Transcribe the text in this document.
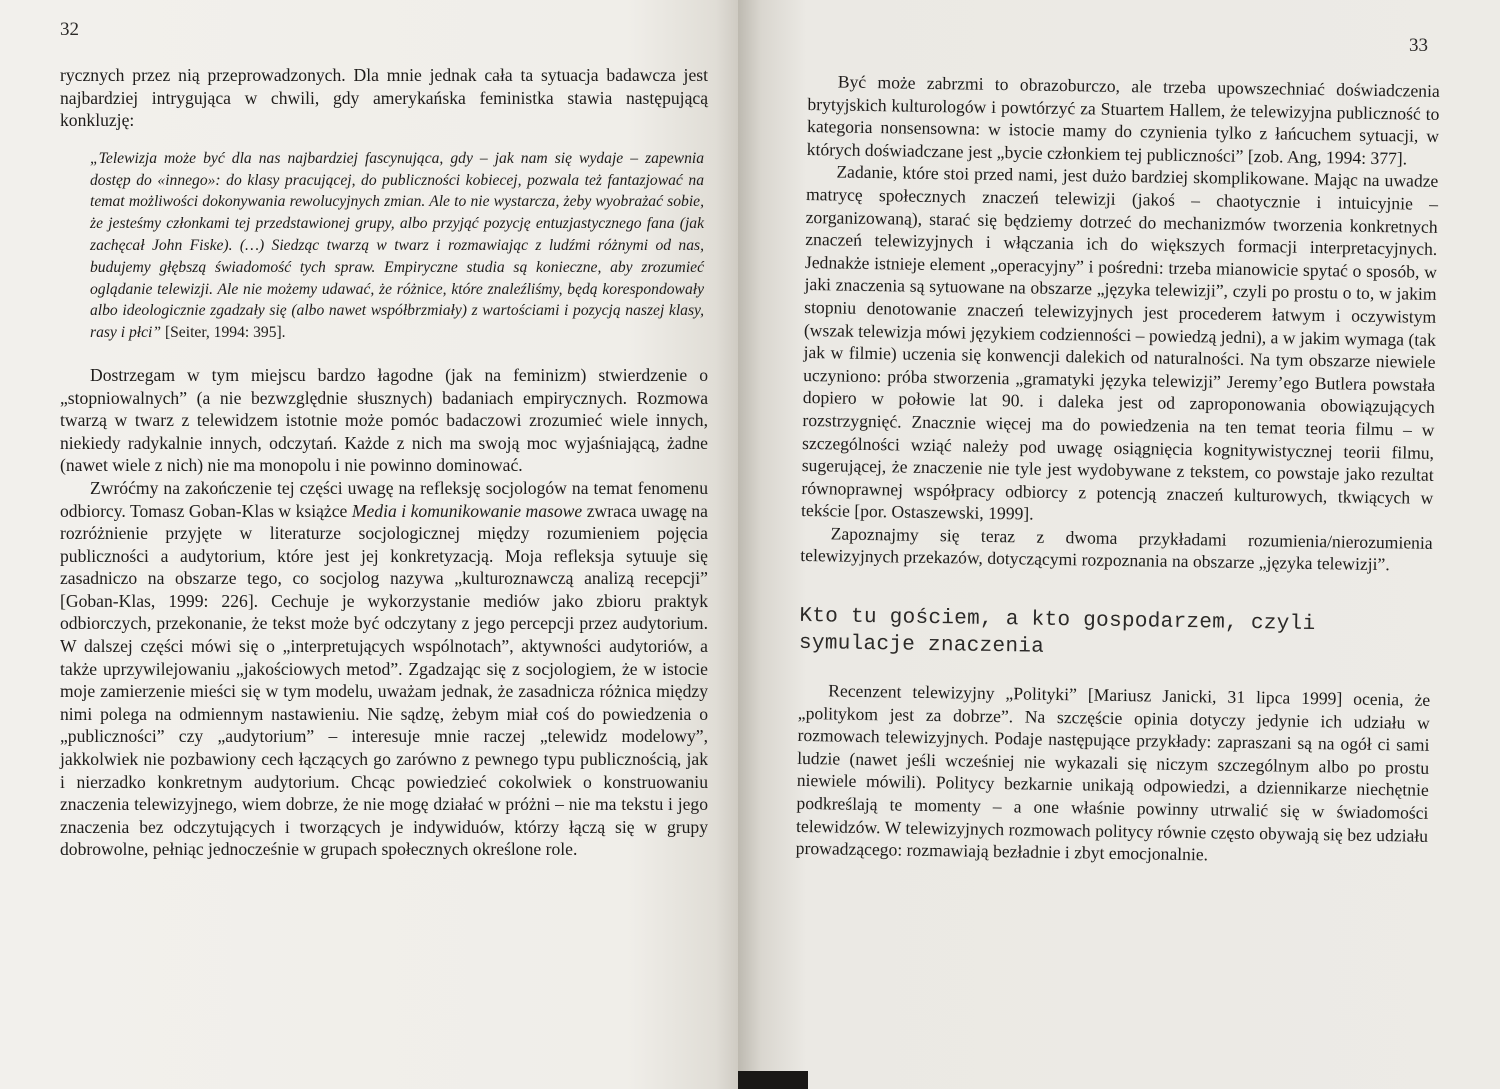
32

rycznych przez nią przeprowadzonych. Dla mnie jednak cała ta sytuacja badawcza jest najbardziej intrygująca w chwili, gdy amerykańska feministka stawia następującą konkluzję:

„Telewizja może być dla nas najbardziej fascynująca, gdy – jak nam się wydaje – zapewnia dostęp do «innego»: do klasy pracującej, do publiczności kobiecej, pozwala też fantazjować na temat możliwości dokonywania rewolucyjnych zmian. Ale to nie wystarcza, żeby wyobrażać sobie, że jesteśmy członkami tej przedstawionej grupy, albo przyjąć pozycję entuzjastycznego fana (jak zachęcał John Fiske). (…) Siedząc twarzą w twarz i rozmawiając z ludźmi różnymi od nas, budujemy głębszą świadomość tych spraw. Empiryczne studia są konieczne, aby zrozumieć oglądanie telewizji. Ale nie możemy udawać, że różnice, które znaleźliśmy, będą korespondowały albo ideologicznie zgadzały się (albo nawet współbrzmiały) z wartościami i pozycją naszej klasy, rasy i płci” [Seiter, 1994: 395].

Dostrzegam w tym miejscu bardzo łagodne (jak na feminizm) stwierdzenie o „stopniowalnych” (a nie bezwzględnie słusznych) badaniach empirycznych. Rozmowa twarzą w twarz z telewidzem istotnie może pomóc badaczowi zrozumieć wiele innych, niekiedy radykalnie innych, odczytań. Każde z nich ma swoją moc wyjaśniającą, żadne (nawet wiele z nich) nie ma monopolu i nie powinno dominować.

Zwróćmy na zakończenie tej części uwagę na refleksję socjologów na temat fenomenu odbiorcy. Tomasz Goban-Klas w książce Media i komunikowanie masowe zwraca uwagę na rozróżnienie przyjęte w literaturze socjologicznej między rozumieniem pojęcia publiczności a audytorium, które jest jej konkretyzacją. Moja refleksja sytuuje się zasadniczo na obszarze tego, co socjolog nazywa „kulturoznawczą analizą recepcji” [Goban-Klas, 1999: 226]. Cechuje je wykorzystanie mediów jako zbioru praktyk odbiorczych, przekonanie, że tekst może być odczytany z jego percepcji przez audytorium. W dalszej części mówi się o „interpretujących wspólnotach”, aktywności audytoriów, a także uprzywilejowaniu „jakościowych metod”. Zgadzając się z socjologiem, że w istocie moje zamierzenie mieści się w tym modelu, uważam jednak, że zasadnicza różnica między nimi polega na odmiennym nastawieniu. Nie sądzę, żebym miał coś do powiedzenia o „publiczności” czy „audytorium” – interesuje mnie raczej „telewidz modelowy”, jakkolwiek nie pozbawiony cech łączących go zarówno z pewnego typu publicznością, jak i nierzadko konkretnym audytorium. Chcąc powiedzieć cokolwiek o konstruowaniu znaczenia telewizyjnego, wiem dobrze, że nie mogę działać w próżni – nie ma tekstu i jego znaczenia bez odczytujących i tworzących je indywiduów, którzy łączą się w grupy dobrowolne, pełniąc jednocześnie w grupach społecznych określone role.

33

Być może zabrzmi to obrazoburczo, ale trzeba upowszechniać doświadczenia brytyjskich kulturologów i powtórzyć za Stuartem Hallem, że telewizyjna publiczność to kategoria nonsensowna: w istocie mamy do czynienia tylko z łańcuchem sytuacji, w których doświadczane jest „bycie członkiem tej publiczności” [zob. Ang, 1994: 377].

Zadanie, które stoi przed nami, jest dużo bardziej skomplikowane. Mając na uwadze matrycę społecznych znaczeń telewizji (jakoś – chaotycznie i intuicyjnie – zorganizowaną), starać się będziemy dotrzeć do mechanizmów tworzenia konkretnych znaczeń telewizyjnych i włączania ich do większych formacji interpretacyjnych. Jednakże istnieje element „operacyjny” i pośredni: trzeba mianowicie spytać o sposób, w jaki znaczenia są sytuowane na obszarze „języka telewizji”, czyli po prostu o to, w jakim stopniu denotowanie znaczeń telewizyjnych jest procederem łatwym i oczywistym (wszak telewizja mówi językiem codzienności – powiedzą jedni), a w jakim wymaga (tak jak w filmie) uczenia się konwencji dalekich od naturalności. Na tym obszarze niewiele uczyniono: próba stworzenia „gramatyki języka telewizji” Jeremy’ego Butlera powstała dopiero w połowie lat 90. i daleka jest od zaproponowania obowiązujących rozstrzygnięć. Znacznie więcej ma do powiedzenia na ten temat teoria filmu – w szczególności wziąć należy pod uwagę osiągnięcia kognitywistycznej teorii filmu, sugerującej, że znaczenie nie tyle jest wydobywane z tekstem, co powstaje jako rezultat równoprawnej współpracy odbiorcy z potencją znaczeń kulturowych, tkwiących w tekście [por. Ostaszewski, 1999].

Zapoznajmy się teraz z dwoma przykładami rozumienia/nierozumienia telewizyjnych przekazów, dotyczącymi rozpoznania na obszarze „języka telewizji”.

Kto tu gościem, a kto gospodarzem, czyli symulacje znaczenia

Recenzent telewizyjny „Polityki” [Mariusz Janicki, 31 lipca 1999] ocenia, że „politykom jest za dobrze”. Na szczęście opinia dotyczy jedynie ich udziału w rozmowach telewizyjnych. Podaje następujące przykłady: zapraszani są na ogół ci sami ludzie (nawet jeśli wcześniej nie wykazali się niczym szczególnym albo po prostu niewiele mówili). Politycy bezkarnie unikają odpowiedzi, a dziennikarze niechętnie podkreślają te momenty – a one właśnie powinny utrwalić się w świadomości telewidzów. W telewizyjnych rozmowach politycy równie często obywają się bez udziału prowadzącego: rozmawiają bezładnie i zbyt emocjonalnie.
